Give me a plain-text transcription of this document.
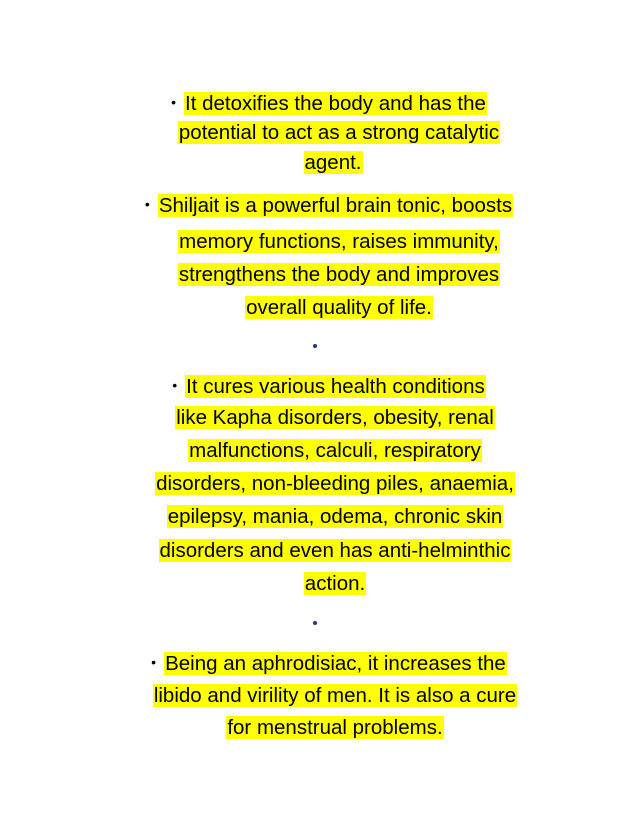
• It detoxifies the body and has the
potential to act as a strong catalytic
agent.
• Shiljait is a powerful brain tonic, boosts
memory functions, raises immunity,
strengthens the body and improves
overall quality of life.
• It cures various health conditions
like Kapha disorders, obesity, renal
malfunctions, calculi, respiratory
disorders, non-bleeding piles, anaemia,
epilepsy, mania, odema, chronic skin
disorders and even has anti-helminthic
action.
• Being an aphrodisiac, it increases the
libido and virility of men. It is also a cure
for menstrual problems.
